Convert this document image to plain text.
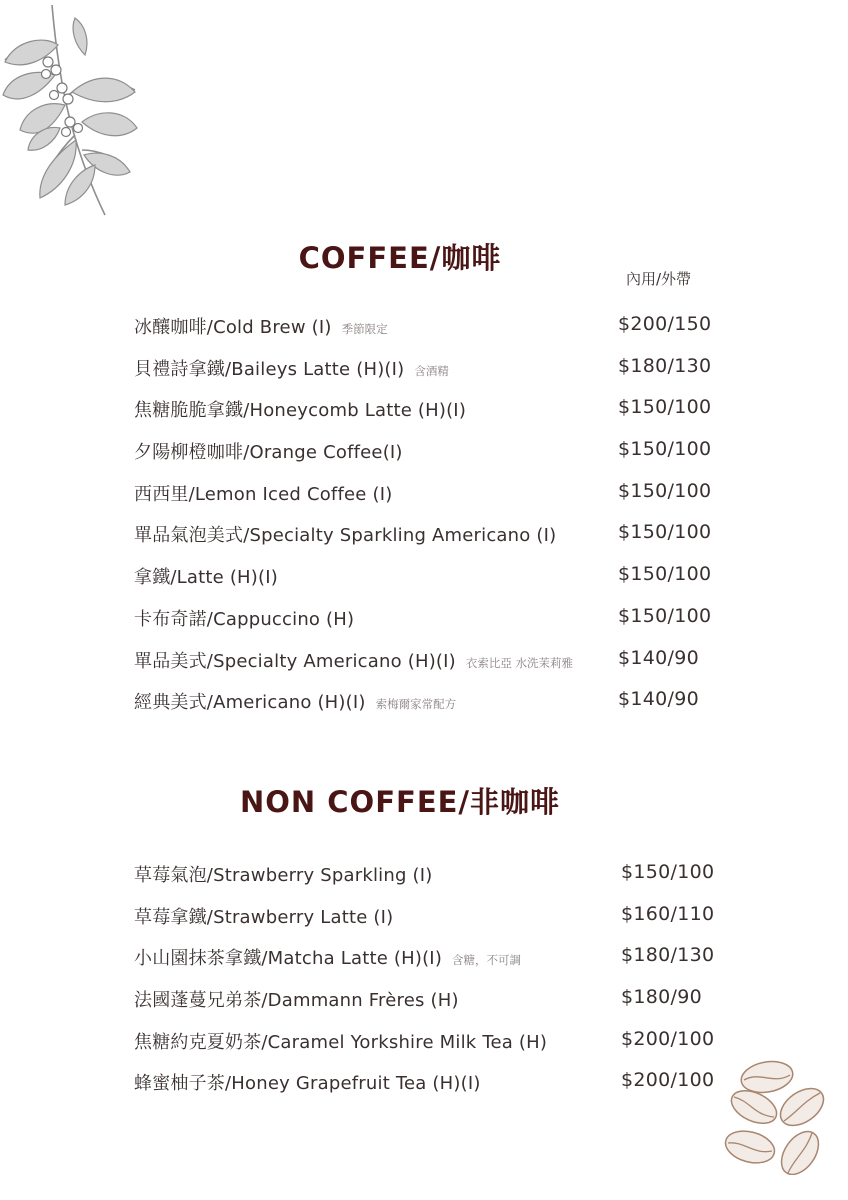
COFFEE/咖啡
內用/外帶
冰釀咖啡/Cold Brew (I) 季節限定	$200/150
貝禮詩拿鐵/Baileys Latte (H)(I) 含酒精	$180/130
焦糖脆脆拿鐵/Honeycomb Latte (H)(I)	$150/100
夕陽柳橙咖啡/Orange Coffee(I)	$150/100
西西里/Lemon Iced Coffee (I)	$150/100
單品氣泡美式/Specialty Sparkling Americano (I)	$150/100
拿鐵/Latte (H)(I)	$150/100
卡布奇諾/Cappuccino (H)	$150/100
單品美式/Specialty Americano (H)(I) 衣索比亞 水洗茉莉雅 $140/90
經典美式/Americano (H)(I) 索梅爾家常配方	$140/90
NON COFFEE/非咖啡
草莓氣泡/Strawberry Sparkling (I)	$150/100
草莓拿鐵/Strawberry Latte (I)	$160/110
小山園抹茶拿鐵/Matcha Latte (H)(I) 含糖，不可調	$180/130
法國蓬蔓兄弟茶/Dammann Frères (H)	$180/90
焦糖約克夏奶茶/Caramel Yorkshire Milk Tea (H)	$200/100
蜂蜜柚子茶/Honey Grapefruit Tea (H)(I)	$200/100
